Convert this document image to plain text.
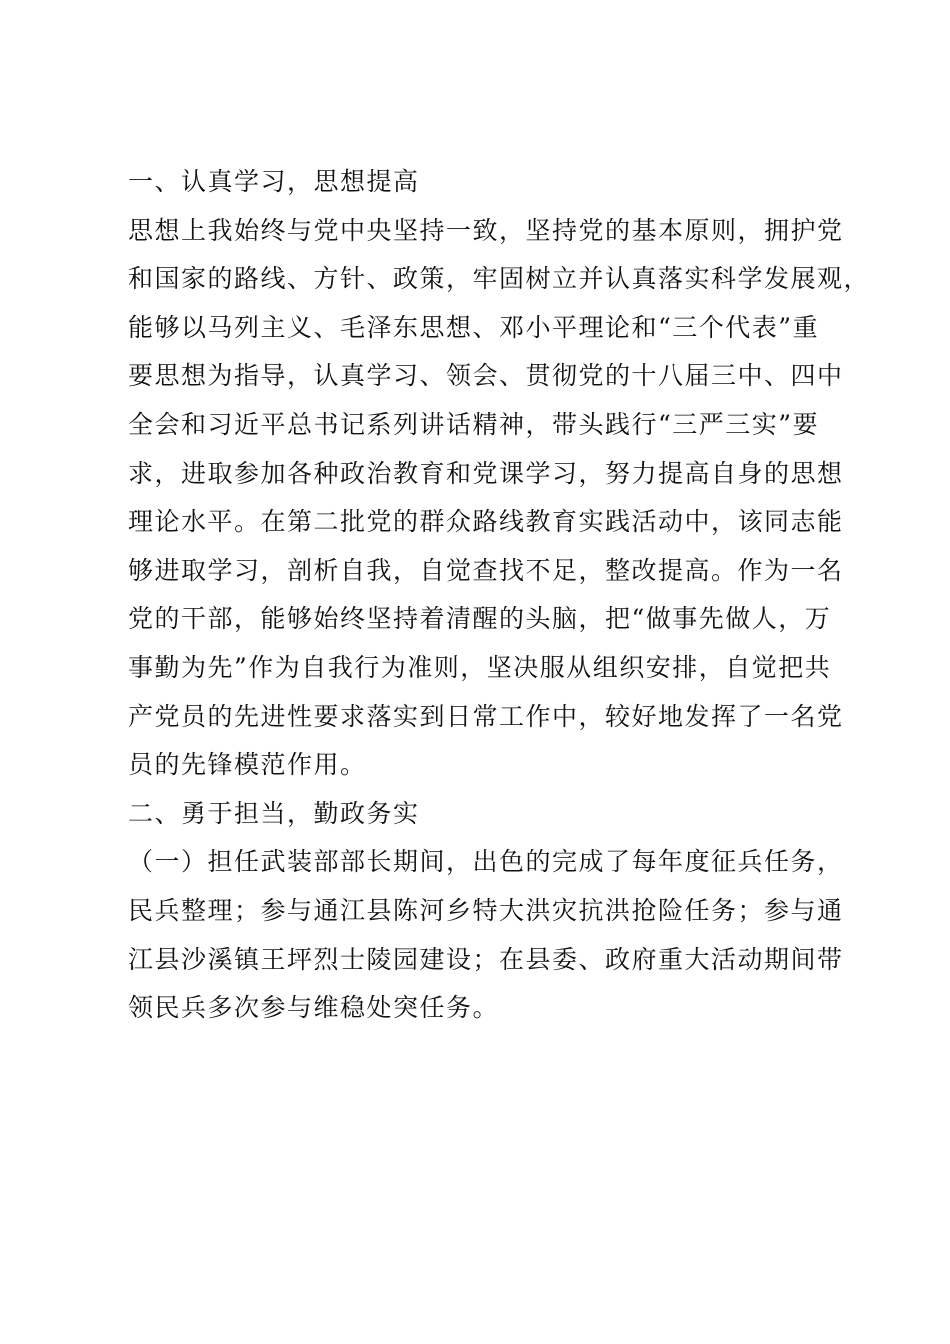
一、认真学习，思想提高
思想上我始终与党中央坚持一致，坚持党的基本原则，拥护党
和国家的路线、方针、政策，牢固树立并认真落实科学发展观，
能够以马列主义、毛泽东思想、邓小平理论和“三个代表”重
要思想为指导，认真学习、领会、贯彻党的十八届三中、四中
全会和习近平总书记系列讲话精神，带头践行“三严三实”要
求，进取参加各种政治教育和党课学习，努力提高自身的思想
理论水平。在第二批党的群众路线教育实践活动中，该同志能
够进取学习，剖析自我，自觉查找不足，整改提高。作为一名
党的干部，能够始终坚持着清醒的头脑，把“做事先做人，万
事勤为先”作为自我行为准则，坚决服从组织安排，自觉把共
产党员的先进性要求落实到日常工作中，较好地发挥了一名党
员的先锋模范作用。
二、勇于担当，勤政务实
（一）担任武装部部长期间，出色的完成了每年度征兵任务，
民兵整理；参与通江县陈河乡特大洪灾抗洪抢险任务；参与通
江县沙溪镇王坪烈士陵园建设；在县委、政府重大活动期间带
领民兵多次参与维稳处突任务。
